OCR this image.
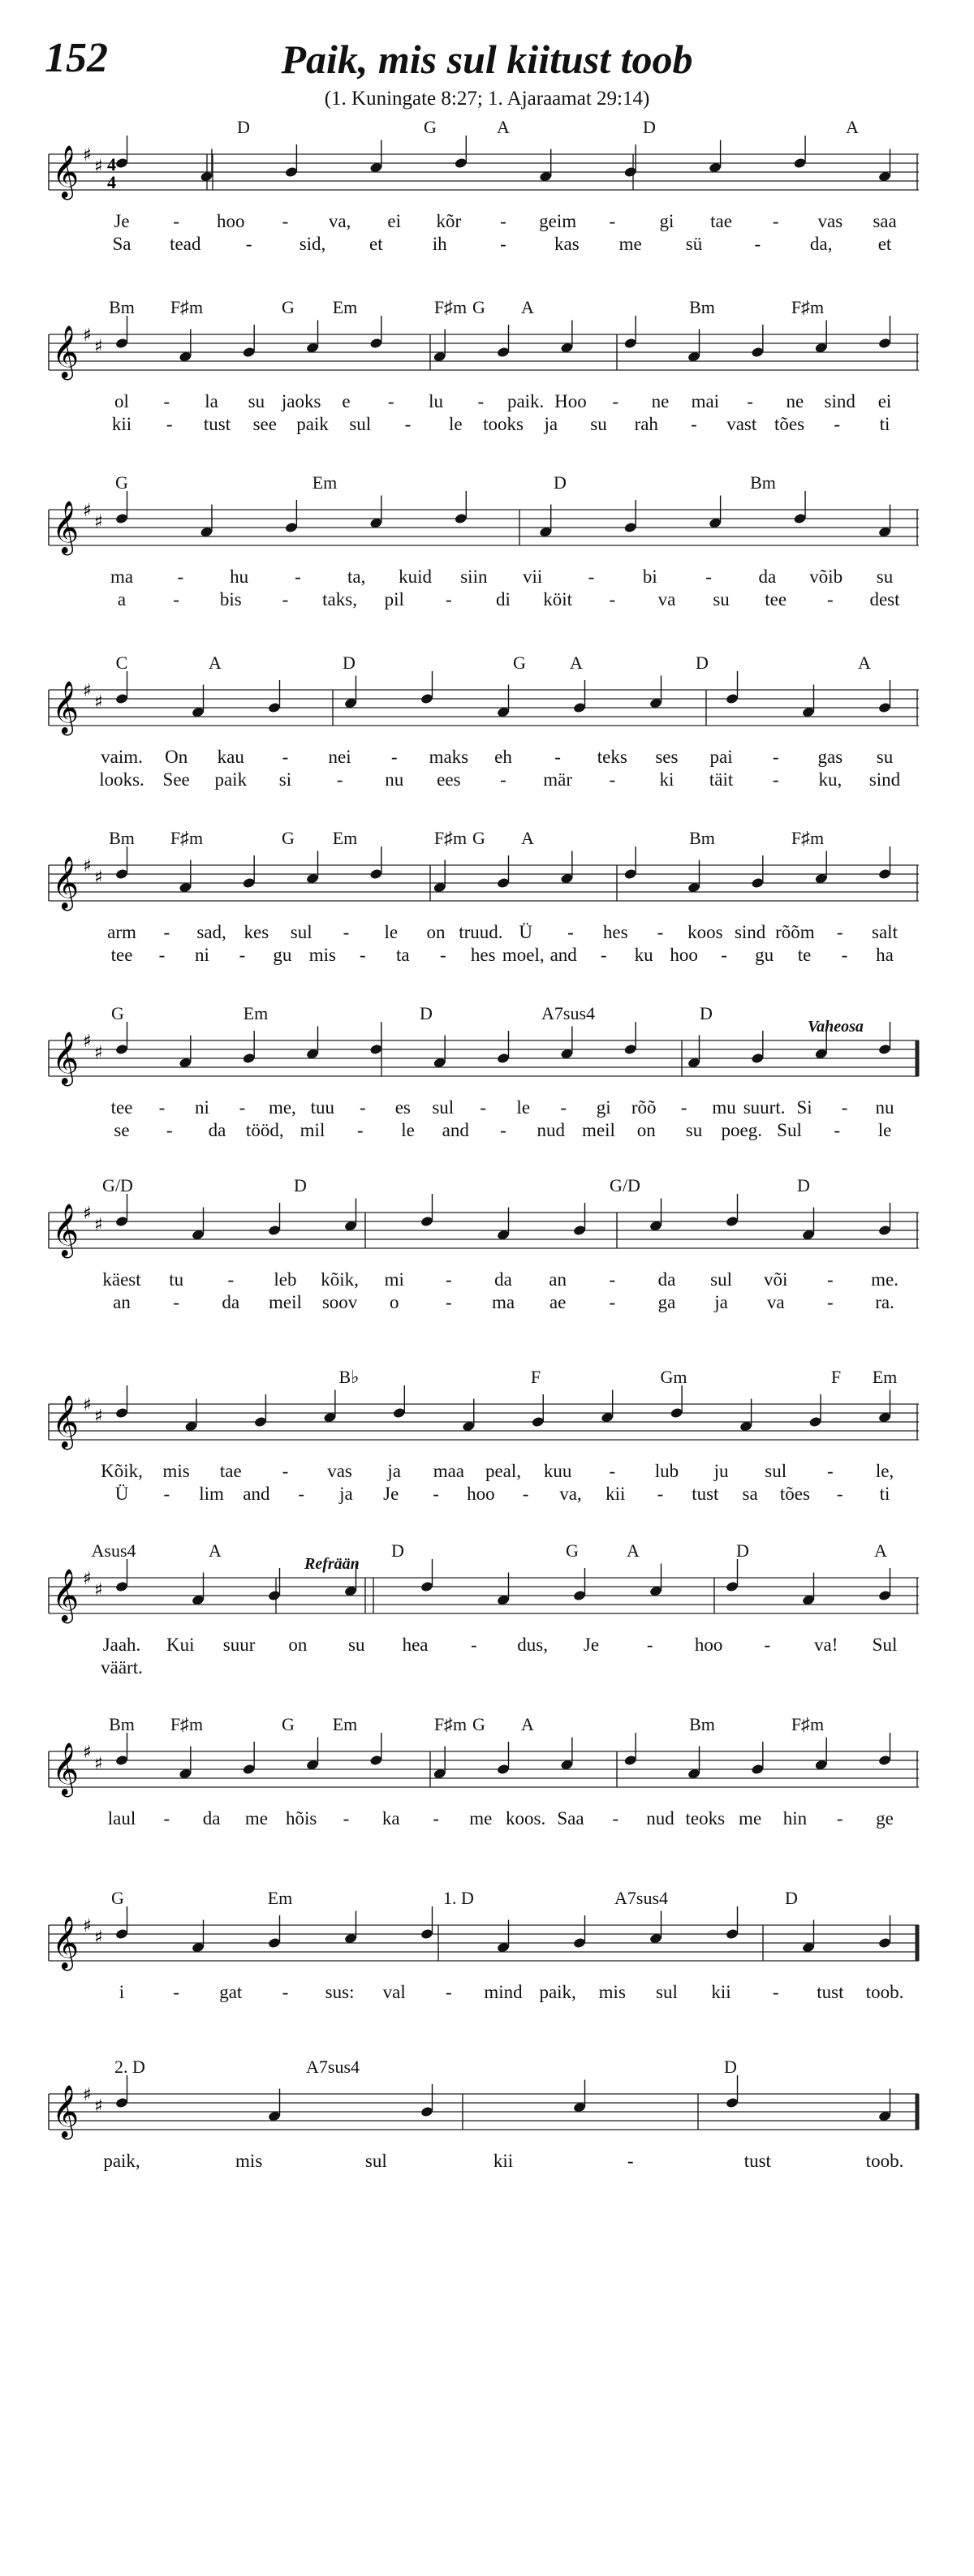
152	Paik, mis sul kiitust toob
(1. Kuningate 8:27; 1. Ajaraamat 29:14)
𝄞 ♯
♯ 4
4
D	G	A	D	A
Je - hoo - va, ei kõr - geim - gi tae - vas saa
Sa tead -	sid, et	ih	-	kas me sü	-	da, et
𝄞 ♯
♯
Bm F♯m	G Em	F♯m G A	Bm	F♯m
ol - la su jaoks e - lu - paik. Hoo - ne mai - ne sind ei
kii - tust see paik sul - le tooks ja su rah - vast tões - ti
𝄞 ♯
♯
G	Em	D	Bm
ma - hu - ta, kuid siin vii -	bi	-	da võib su
a	- bis - taks, pil - di köit - va su tee - dest
𝄞 ♯
♯
C	A	D	G A	D	A
vaim. On kau - nei - maks eh - teks ses pai - gas su
looks. See paik si - nu ees - mär - ki täit - ku, sind
𝄞 ♯
♯
Bm F♯m	G Em	F♯m G A	Bm	F♯m
arm - sad, kes sul - le on truud. Ü - hes - koos sind rõõm - salt
tee - ni - gu mis - ta - hes moel, and - ku hoo - gu te - ha
𝄞 ♯
♯
G	Em	D	A7sus4	D
Vaheosa
tee - ni - me, tuu - es sul - le - gi rõõ - mu suurt. Si - nu
se - da tööd, mil - le and - nud meil on su poeg. Sul - le
𝄞 ♯
♯
G/D	D	G/D	D
käest tu - leb kõik, mi - da an - da sul või - me.
an - da meil soov o	- ma ae - ga ja va - ra.
𝄞 ♯
♯
B♭	F	Gm	F Em
Kõik, mis tae - vas ja maa peal, kuu - lub ju sul - le,
Ü - lim and - ja Je - hoo - va, kii - tust sa tões - ti
𝄞 ♯
♯
Asus4	A	D	G	A	D	A
Refrään
Jaah. Kui suur on su hea - dus, Je	- hoo - va! Sul
väärt.
𝄞 ♯
♯
Bm F♯m	G Em	F♯m G A	Bm	F♯m
laul - da me hõis - ka - me koos. Saa - nud teoks me hin - ge
𝄞 ♯
♯
G	Em	1. D	A7sus4	D
i	- gat - sus: val - mind paik, mis sul kii - tust toob.
𝄞 ♯
♯
2. D	A7sus4	D
paik,	mis	sul	kii	-	tust	toob.
